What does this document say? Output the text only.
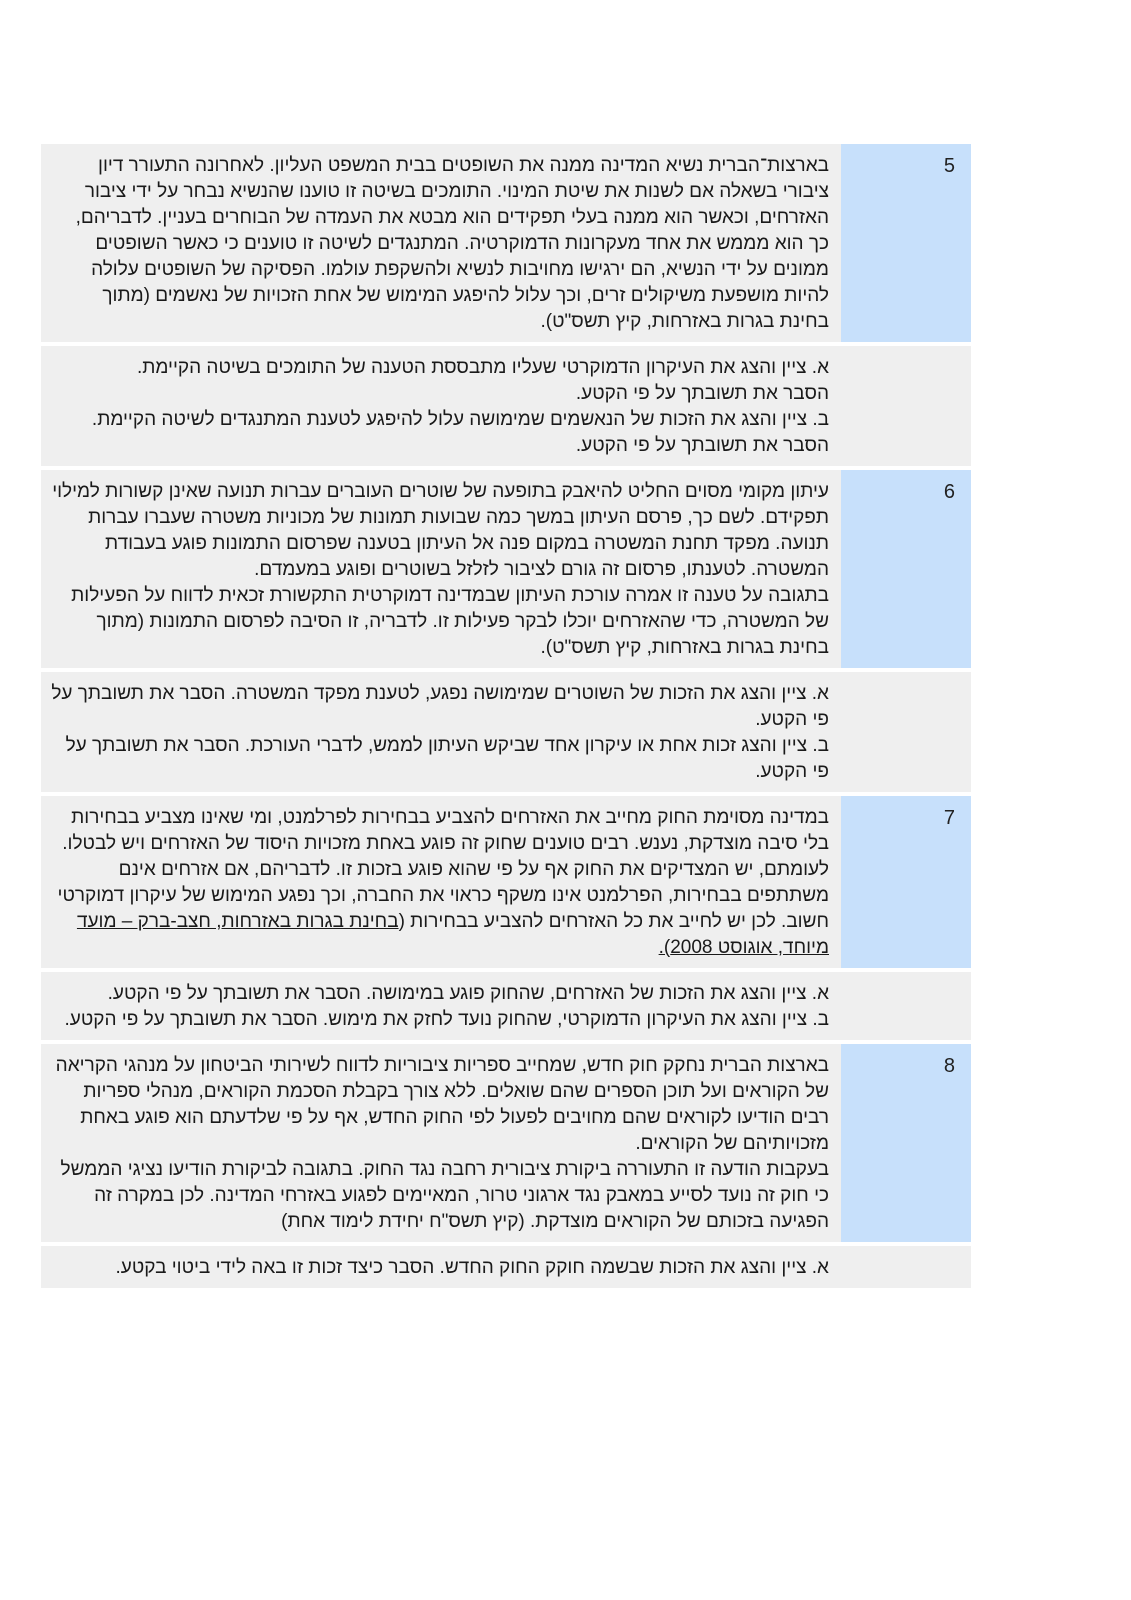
5	בארצות־הברית נשיא המדינה ממנה את השופטים בבית המשפט העליון. לאחרונה התעורר דיון ציבורי בשאלה אם לשנות את שיטת המינוי. התומכים בשיטה זו טוענו שהנשיא נבחר על ידי ציבור האזרחים, וכאשר הוא ממנה בעלי תפקידים הוא מבטא את העמדה של הבוחרים בעניין. לדבריהם, כך הוא מממש את אחד מעקרונות הדמוקרטיה. המתנגדים לשיטה זו טוענים כי כאשר השופטים ממונים על ידי הנשיא, הם ירגישו מחויבות לנשיא ולהשקפת עולמו. הפסיקה של השופטים עלולה להיות מושפעת משיקולים זרים, וכך עלול להיפגע המימוש של אחת הזכויות של נאשמים (מתוך בחינת בגרות באזרחות, קיץ תשס"ט).

	א. ציין והצג את העיקרון הדמוקרטי שעליו מתבססת הטענה של התומכים בשיטה הקיימת.

הסבר את תשובתך על פי הקטע.

ב. ציין והצג את הזכות של הנאשמים שמימושה עלול להיפגע לטענת המתנגדים לשיטה הקיימת.

הסבר את תשובתך על פי הקטע.

6	עיתון מקומי מסוים החליט להיאבק בתופעה של שוטרים העוברים עברות תנועה שאינן קשורות למילוי תפקידם. לשם כך, פרסם העיתון במשך כמה שבועות תמונות של מכוניות משטרה שעברו עברות תנועה. מפקד תחנת המשטרה במקום פנה אל העיתון בטענה שפרסום התמונות פוגע בעבודת המשטרה. לטענתו, פרסום זה גורם לציבור לזלזל בשוטרים ופוגע במעמדם.

בתגובה על טענה זו אמרה עורכת העיתון שבמדינה דמוקרטית התקשורת זכאית לדווח על הפעילות של המשטרה, כדי שהאזרחים יוכלו לבקר פעילות זו. לדבריה, זו הסיבה לפרסום התמונות (מתוך בחינת בגרות באזרחות, קיץ תשס"ט).

	א. ציין והצג את הזכות של השוטרים שמימושה נפגע, לטענת מפקד המשטרה. הסבר את תשובתך על פי הקטע.

ב. ציין והצג זכות אחת או עיקרון אחד שביקש העיתון לממש, לדברי העורכת. הסבר את תשובתך על פי הקטע.

7	במדינה מסוימת החוק מחייב את האזרחים להצביע בבחירות לפרלמנט, ומי שאינו מצביע בבחירות בלי סיבה מוצדקת, נענש. רבים טוענים שחוק זה פוגע באחת מזכויות היסוד של האזרחים ויש לבטלו. לעומתם, יש המצדיקים את החוק אף על פי שהוא פוגע בזכות זו. לדבריהם, אם אזרחים אינם משתתפים בבחירות, הפרלמנט אינו משקף כראוי את החברה, וכך נפגע המימוש של עיקרון דמוקרטי חשוב. לכן יש לחייב את כל האזרחים להצביע בבחירות (בחינת בגרות באזרחות, חצב-ברק – מועד מיוחד, אוגוסט 2008).

	א. ציין והצג את הזכות של האזרחים, שהחוק פוגע במימושה. הסבר את תשובתך על פי הקטע.

ב. ציין והצג את העיקרון הדמוקרטי, שהחוק נועד לחזק את מימוש. הסבר את תשובתך על פי הקטע.

8	בארצות הברית נחקק חוק חדש, שמחייב ספריות ציבוריות לדווח לשירותי הביטחון על מנהגי הקריאה של הקוראים ועל תוכן הספרים שהם שואלים. ללא צורך בקבלת הסכמת הקוראים, מנהלי ספריות רבים הודיעו לקוראים שהם מחויבים לפעול לפי החוק החדש, אף על פי שלדעתם הוא פוגע באחת מזכויותיהם של הקוראים.

בעקבות הודעה זו התעוררה ביקורת ציבורית רחבה נגד החוק. בתגובה לביקורת הודיעו נציגי הממשל כי חוק זה נועד לסייע במאבק נגד ארגוני טרור, המאיימים לפגוע באזרחי המדינה. לכן במקרה זה הפגיעה בזכותם של הקוראים מוצדקת. (קיץ תשס"ח יחידת לימוד אחת)

	א. ציין והצג את הזכות שבשמה חוקק החוק החדש. הסבר כיצד זכות זו באה לידי ביטוי בקטע.
